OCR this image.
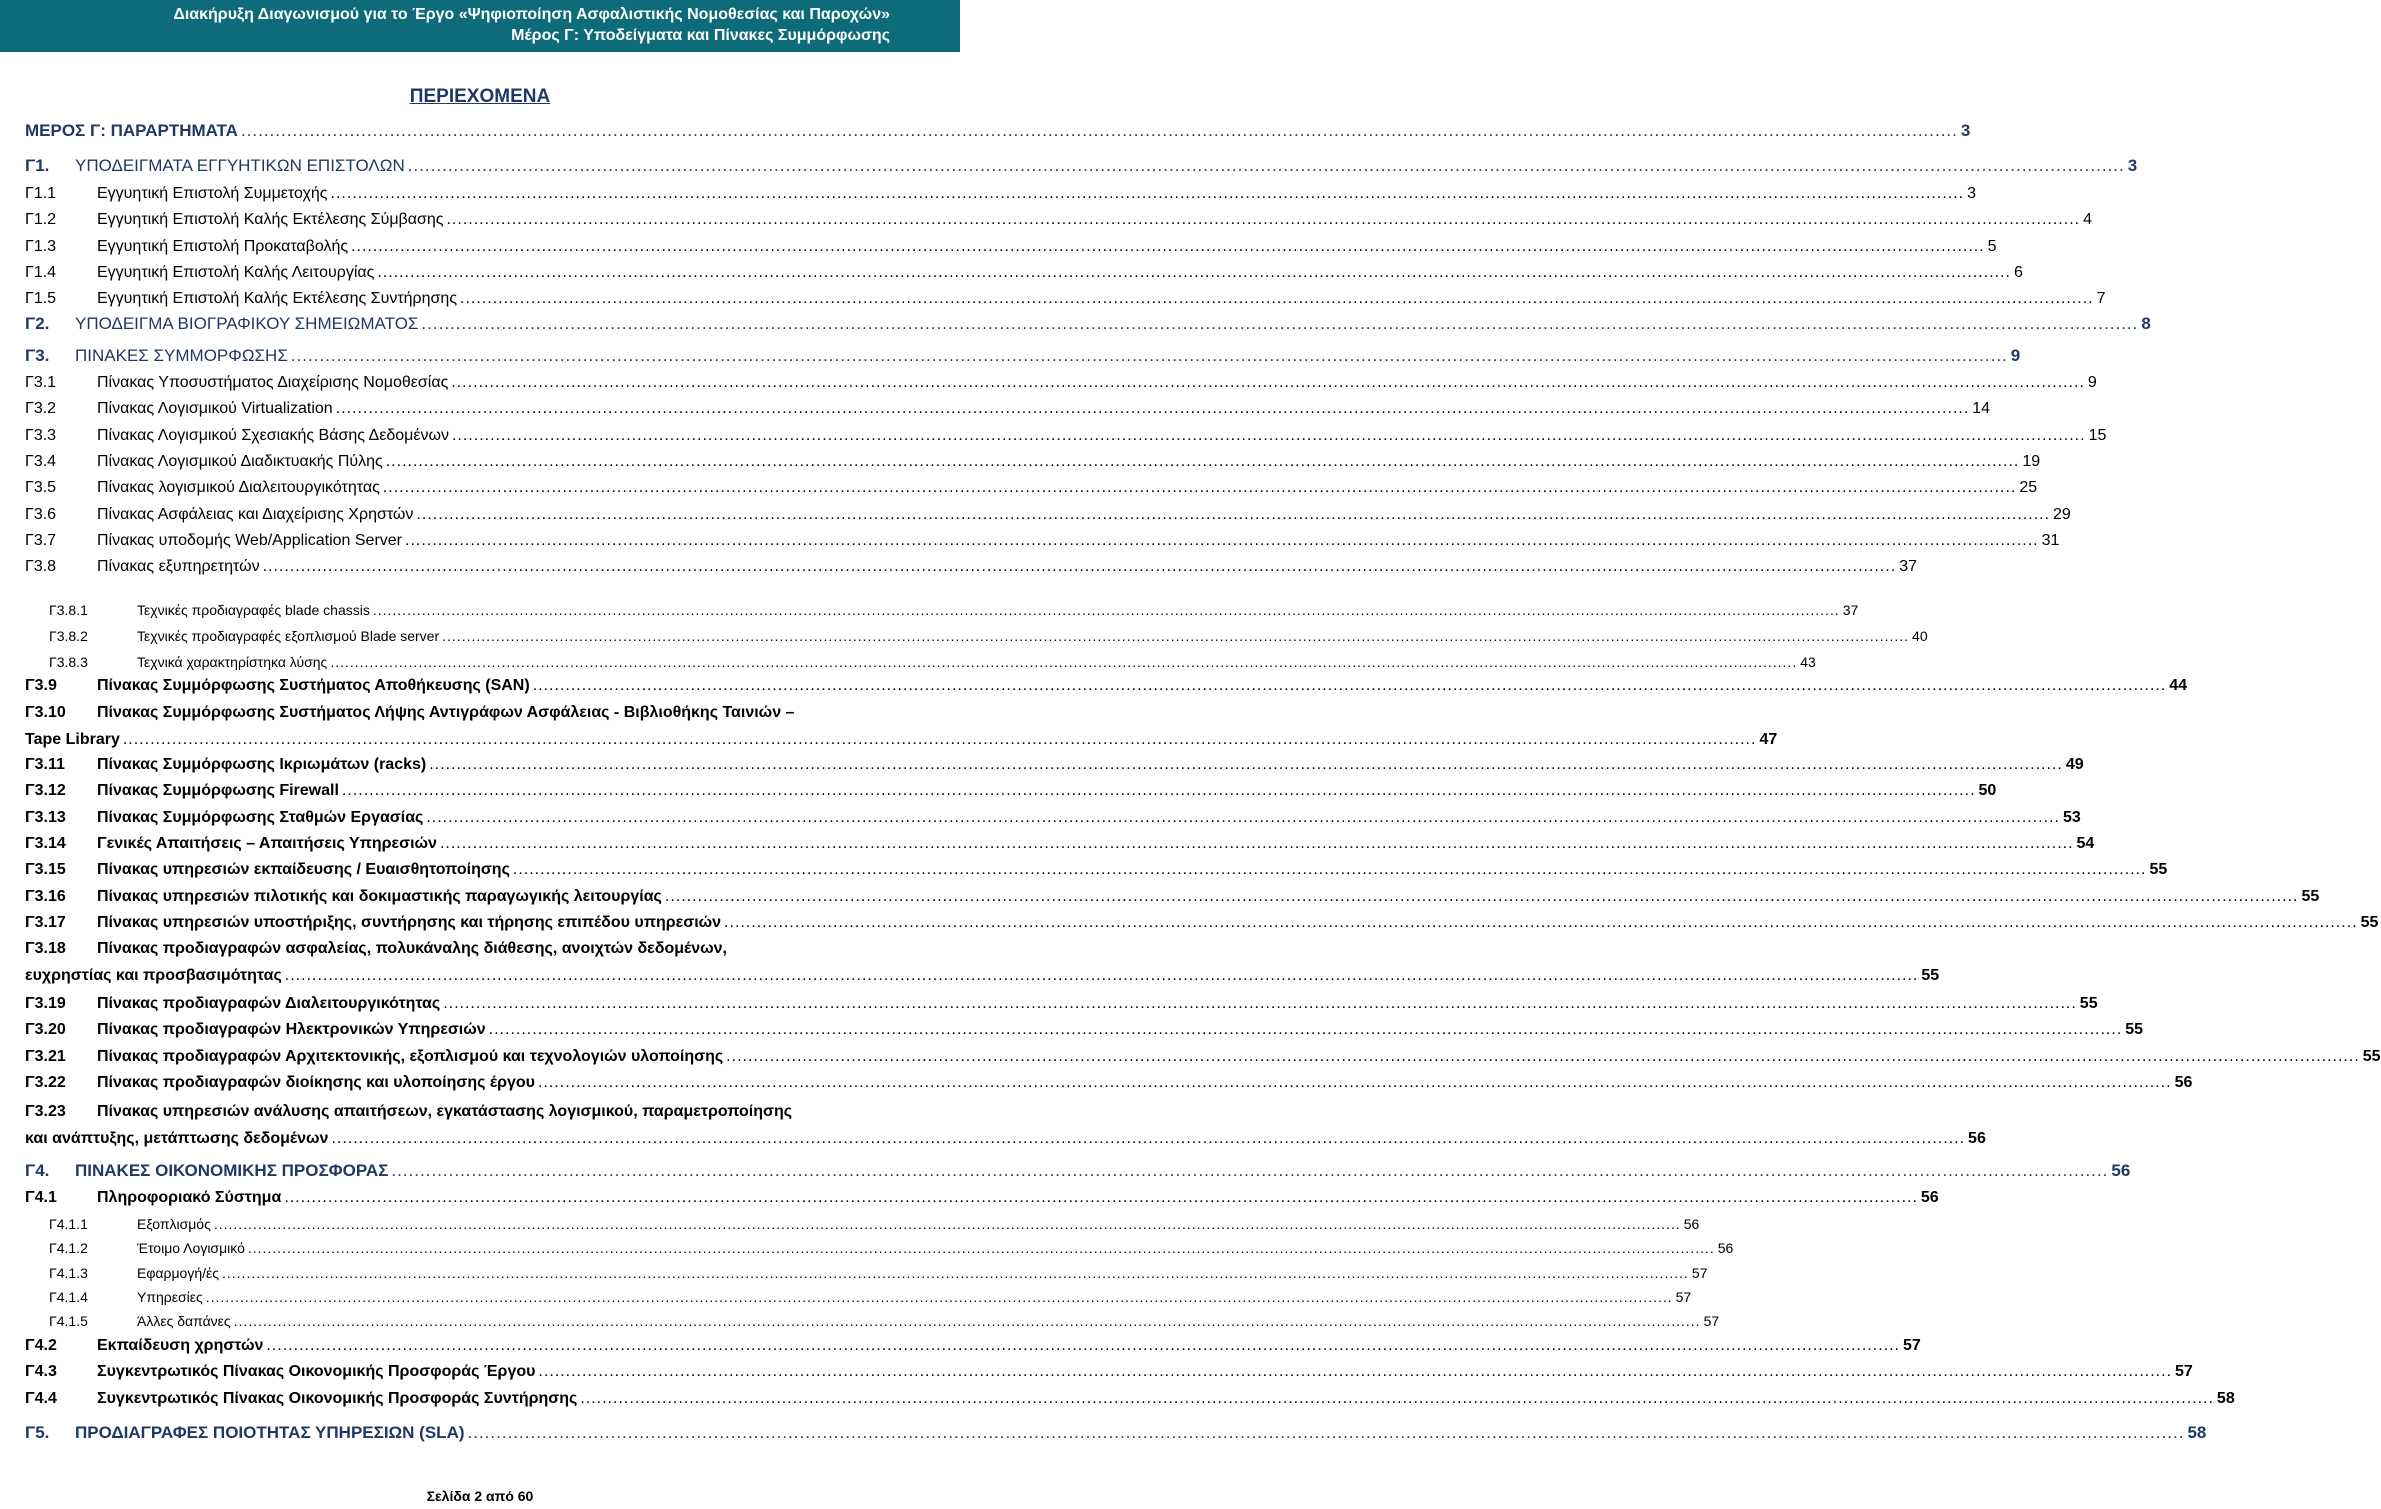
Διακήρυξη Διαγωνισμού για το Έργο «Ψηφιοποίηση Ασφαλιστικής Νομοθεσίας και Παροχών»
Μέρος Γ: Υποδείγματα και Πίνακες Συμμόρφωσης
ΠΕΡΙΕΧΟΜΕΝΑ
ΜΕΡΟΣ Γ: ΠΑΡΑΡΤΗΜΑΤΑ ............................................................................................................................................................................................................................................................................................................ 3
Γ1.	ΥΠΟΔΕΙΓΜΑΤΑ ΕΓΓΥΗΤΙΚΩΝ ΕΠΙΣΤΟΛΩΝ ............................................................................................................................................................................................................................................................................................................ 3
Γ1.1	Εγγυητική Επιστολή Συμμετοχής ............................................................................................................................................................................................................................................................................................................ 3
Γ1.2	Εγγυητική Επιστολή Καλής Εκτέλεσης Σύμβασης ............................................................................................................................................................................................................................................................................................................ 4
Γ1.3	Εγγυητική Επιστολή Προκαταβολής ............................................................................................................................................................................................................................................................................................................ 5
Γ1.4	Εγγυητική Επιστολή Καλής Λειτουργίας ............................................................................................................................................................................................................................................................................................................ 6
Γ1.5	Εγγυητική Επιστολή Καλής Εκτέλεσης Συντήρησης ............................................................................................................................................................................................................................................................................................................ 7
Γ2.	ΥΠΟΔΕΙΓΜΑ ΒΙΟΓΡΑΦΙΚΟΥ ΣΗΜΕΙΩΜΑΤΟΣ ............................................................................................................................................................................................................................................................................................................ 8
Γ3.	ΠΙΝΑΚΕΣ ΣΥΜΜΟΡΦΩΣΗΣ ............................................................................................................................................................................................................................................................................................................ 9
Γ3.1	Πίνακας Υποσυστήματος Διαχείρισης Νομοθεσίας ............................................................................................................................................................................................................................................................................................................ 9
Γ3.2	Πίνακας Λογισμικού Virtualization ............................................................................................................................................................................................................................................................................................................ 14
Γ3.3	Πίνακας Λογισμικού Σχεσιακής Βάσης Δεδομένων ............................................................................................................................................................................................................................................................................................................ 15
Γ3.4	Πίνακας Λογισμικού Διαδικτυακής Πύλης ............................................................................................................................................................................................................................................................................................................ 19
Γ3.5	Πίνακας λογισμικού Διαλειτουργικότητας ............................................................................................................................................................................................................................................................................................................ 25
Γ3.6	Πίνακας Ασφάλειας και Διαχείρισης Χρηστών ............................................................................................................................................................................................................................................................................................................ 29
Γ3.7	Πίνακας υποδομής Web/Application Server ............................................................................................................................................................................................................................................................................................................ 31
Γ3.8	Πίνακας εξυπηρετητών ............................................................................................................................................................................................................................................................................................................ 37
Γ3.8.1	Τεχνικές προδιαγραφές blade chassis ............................................................................................................................................................................................................................................................................................................ 37
Γ3.8.2	Τεχνικές προδιαγραφές εξοπλισμού Blade server ............................................................................................................................................................................................................................................................................................................ 40
Γ3.8.3	Τεχνικά χαρακτηρίστηκα λύσης ............................................................................................................................................................................................................................................................................................................ 43
Γ3.9	Πίνακας Συμμόρφωσης Συστήματος Αποθήκευσης (SAN) ............................................................................................................................................................................................................................................................................................................ 44
Γ3.10	Πίνακας Συμμόρφωσης Συστήματος Λήψης Αντιγράφων Ασφάλειας - Βιβλιοθήκης Ταινιών –
Tape Library ............................................................................................................................................................................................................................................................................................................ 47
Γ3.11	Πίνακας Συμμόρφωσης Ικριωμάτων (racks) ............................................................................................................................................................................................................................................................................................................ 49
Γ3.12	Πίνακας Συμμόρφωσης Firewall ............................................................................................................................................................................................................................................................................................................ 50
Γ3.13	Πίνακας Συμμόρφωσης Σταθμών Εργασίας ............................................................................................................................................................................................................................................................................................................ 53
Γ3.14	Γενικές Απαιτήσεις – Απαιτήσεις Υπηρεσιών ............................................................................................................................................................................................................................................................................................................ 54
Γ3.15	Πίνακας υπηρεσιών εκπαίδευσης / Ευαισθητοποίησης ............................................................................................................................................................................................................................................................................................................ 55
Γ3.16	Πίνακας υπηρεσιών πιλοτικής και δοκιμαστικής παραγωγικής λειτουργίας ............................................................................................................................................................................................................................................................................................................ 55
Γ3.17	Πίνακας υπηρεσιών υποστήριξης, συντήρησης και τήρησης επιπέδου υπηρεσιών ............................................................................................................................................................................................................................................................................................................ 55
Γ3.18	Πίνακας προδιαγραφών ασφαλείας, πολυκάναλης διάθεσης, ανοιχτών δεδομένων,
ευχρηστίας και προσβασιμότητας ............................................................................................................................................................................................................................................................................................................ 55
Γ3.19	Πίνακας προδιαγραφών Διαλειτουργικότητας ............................................................................................................................................................................................................................................................................................................ 55
Γ3.20	Πίνακας προδιαγραφών Ηλεκτρονικών Υπηρεσιών ............................................................................................................................................................................................................................................................................................................ 55
Γ3.21	Πίνακας προδιαγραφών Αρχιτεκτονικής, εξοπλισμού και τεχνολογιών υλοποίησης ............................................................................................................................................................................................................................................................................................................ 55
Γ3.22	Πίνακας προδιαγραφών διοίκησης και υλοποίησης έργου ............................................................................................................................................................................................................................................................................................................ 56
Γ3.23	Πίνακας υπηρεσιών ανάλυσης απαιτήσεων, εγκατάστασης λογισμικού, παραμετροποίησης
και ανάπτυξης, μετάπτωσης δεδομένων ............................................................................................................................................................................................................................................................................................................ 56
Γ4.	ΠΙΝΑΚΕΣ ΟΙΚΟΝΟΜΙΚΗΣ ΠΡΟΣΦΟΡΑΣ ............................................................................................................................................................................................................................................................................................................ 56
Γ4.1	Πληροφοριακό Σύστημα ............................................................................................................................................................................................................................................................................................................ 56
Γ4.1.1	Εξοπλισμός ............................................................................................................................................................................................................................................................................................................ 56
Γ4.1.2	Έτοιμο Λογισμικό ............................................................................................................................................................................................................................................................................................................ 56
Γ4.1.3	Εφαρμογή/ές ............................................................................................................................................................................................................................................................................................................ 57
Γ4.1.4	Υπηρεσίες ............................................................................................................................................................................................................................................................................................................ 57
Γ4.1.5	Άλλες δαπάνες ............................................................................................................................................................................................................................................................................................................ 57
Γ4.2	Εκπαίδευση χρηστών ............................................................................................................................................................................................................................................................................................................ 57
Γ4.3	Συγκεντρωτικός Πίνακας Οικονομικής Προσφοράς Έργου ............................................................................................................................................................................................................................................................................................................ 57
Γ4.4	Συγκεντρωτικός Πίνακας Οικονομικής Προσφοράς Συντήρησης ............................................................................................................................................................................................................................................................................................................ 58
Γ5.	ΠΡΟΔΙΑΓΡΑΦΕΣ ΠΟΙΟΤΗΤΑΣ ΥΠΗΡΕΣΙΩΝ (SLA) ............................................................................................................................................................................................................................................................................................................ 58
Σελίδα 2 από 60
